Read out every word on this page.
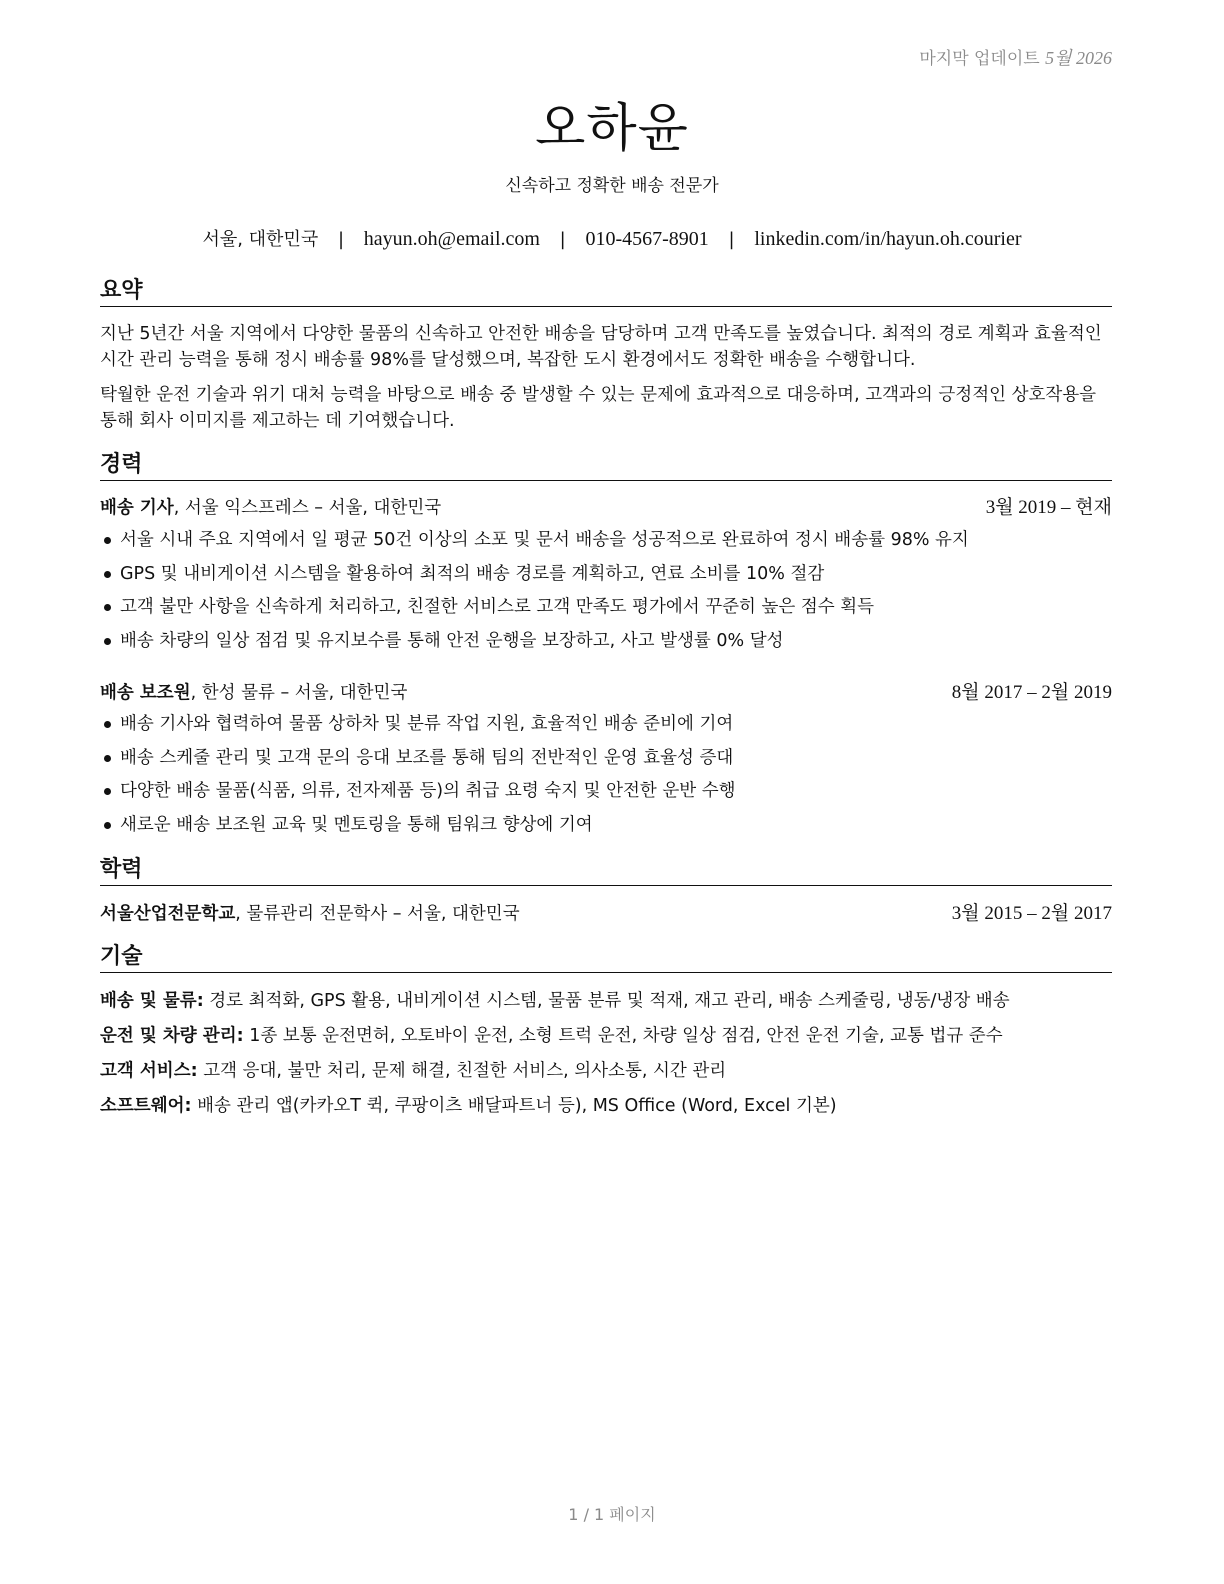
마지막 업데이트 5월 2026
오하윤
신속하고 정확한 배송 전문가
서울, 대한민국 | hayun.oh@email.com | 010-4567-8901 | linkedin.com/in/hayun.oh.courier
요약
지난 5년간 서울 지역에서 다양한 물품의 신속하고 안전한 배송을 담당하며 고객 만족도를 높였습니다. 최적의 경로 계획과 효율적인 시간 관리 능력을 통해 정시 배송률 98%를 달성했으며, 복잡한 도시 환경에서도 정확한 배송을 수행합니다.
탁월한 운전 기술과 위기 대처 능력을 바탕으로 배송 중 발생할 수 있는 문제에 효과적으로 대응하며, 고객과의 긍정적인 상호작용을 통해 회사 이미지를 제고하는 데 기여했습니다.
경력
배송 기사, 서울 익스프레스 – 서울, 대한민국	3월 2019 – 현재
서울 시내 주요 지역에서 일 평균 50건 이상의 소포 및 문서 배송을 성공적으로 완료하여 정시 배송률 98% 유지
GPS 및 내비게이션 시스템을 활용하여 최적의 배송 경로를 계획하고, 연료 소비를 10% 절감
고객 불만 사항을 신속하게 처리하고, 친절한 서비스로 고객 만족도 평가에서 꾸준히 높은 점수 획득
배송 차량의 일상 점검 및 유지보수를 통해 안전 운행을 보장하고, 사고 발생률 0% 달성
배송 보조원, 한성 물류 – 서울, 대한민국	8월 2017 – 2월 2019
배송 기사와 협력하여 물품 상하차 및 분류 작업 지원, 효율적인 배송 준비에 기여
배송 스케줄 관리 및 고객 문의 응대 보조를 통해 팀의 전반적인 운영 효율성 증대
다양한 배송 물품(식품, 의류, 전자제품 등)의 취급 요령 숙지 및 안전한 운반 수행
새로운 배송 보조원 교육 및 멘토링을 통해 팀워크 향상에 기여
학력
서울산업전문학교, 물류관리 전문학사 – 서울, 대한민국	3월 2015 – 2월 2017
기술
배송 및 물류: 경로 최적화, GPS 활용, 내비게이션 시스템, 물품 분류 및 적재, 재고 관리, 배송 스케줄링, 냉동/냉장 배송
운전 및 차량 관리: 1종 보통 운전면허, 오토바이 운전, 소형 트럭 운전, 차량 일상 점검, 안전 운전 기술, 교통 법규 준수
고객 서비스: 고객 응대, 불만 처리, 문제 해결, 친절한 서비스, 의사소통, 시간 관리
소프트웨어: 배송 관리 앱(카카오T 퀵, 쿠팡이츠 배달파트너 등), MS Office (Word, Excel 기본)
1 / 1 페이지
